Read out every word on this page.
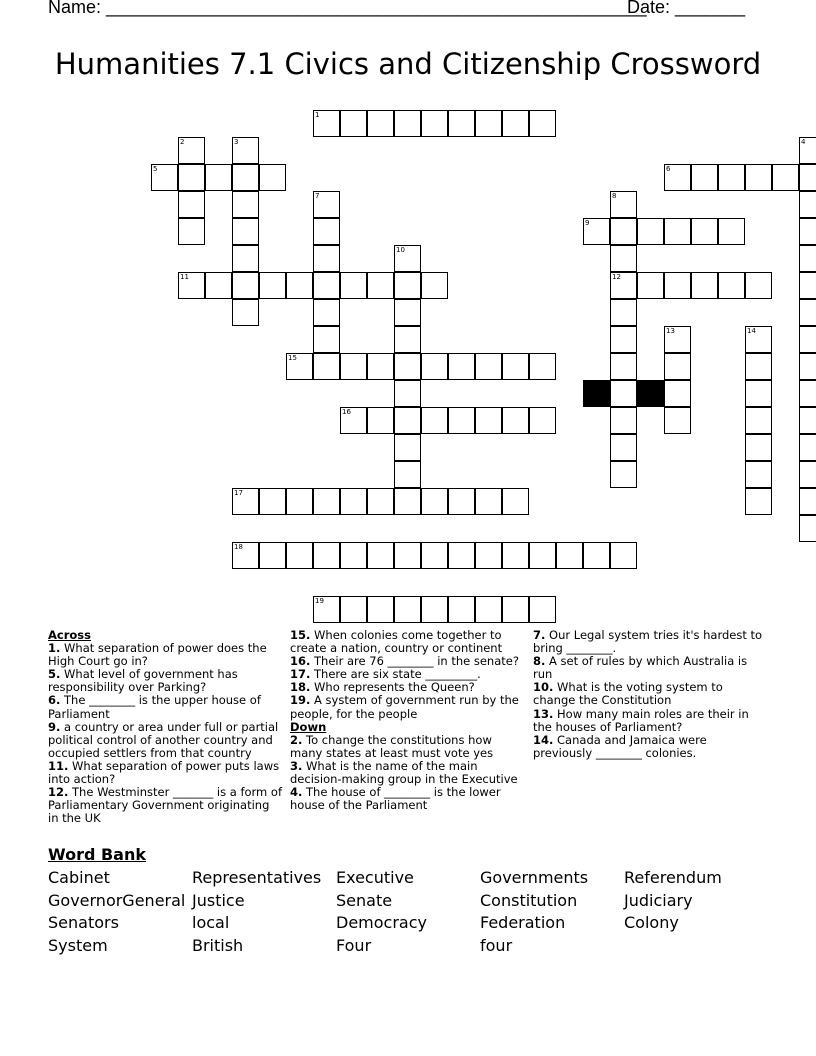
Name: ______________________________________________________
Date: _______
Humanities 7.1 Civics and Citizenship Crossword
1
2	3	4
5	6
7	8
9
10
11	12
13	14
15
16
17
18
19
Across
1. What separation of power does the High Court go in?
5. What level of government has responsibility over Parking?
6. The ________ is the upper house of Parliament
9. a country or area under full or partial political control of another country and occupied settlers from that country
11. What separation of power puts laws into action?
12. The Westminster _______ is a form of Parliamentary Government originating in the UK
15. When colonies come together to create a nation, country or continent
16. Their are 76 ________ in the senate?
17. There are six state _________.
18. Who represents the Queen?
19. A system of government run by the people, for the people
Down
2. To change the constitutions how many states at least must vote yes
3. What is the name of the main decision-making group in the Executive
4. The house of ________ is the lower house of the Parliament
7. Our Legal system tries it's hardest to bring ________.
8. A set of rules by which Australia is run
10. What is the voting system to change the Constitution
13. How many main roles are their in the houses of Parliament?
14. Canada and Jamaica were previously ________ colonies.
Word Bank
Cabinet	Representatives Executive	Governments	Referendum
GovernorGeneral Justice	Senate	Constitution	Judiciary
Senators	local	Democracy	Federation	Colony
System	British	Four	four
